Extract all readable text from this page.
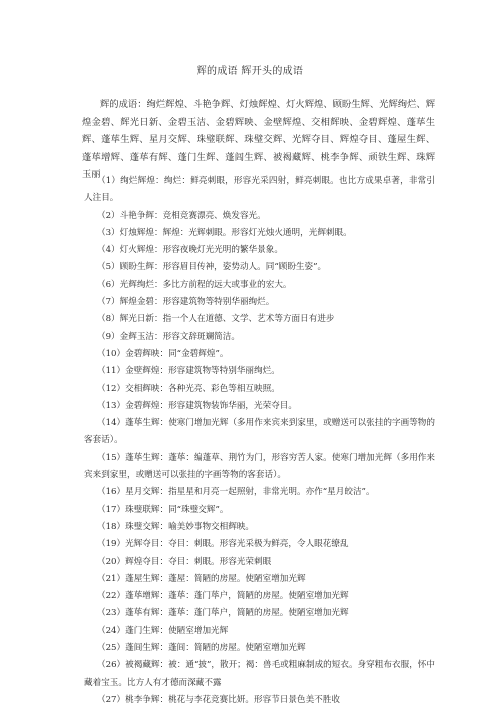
辉的成语 辉开头的成语

辉的成语：绚烂辉煌、斗艳争辉、灯烛辉煌、灯火辉煌、顾盼生辉、光辉绚烂、辉煌金碧、辉光日新、金碧玉洁、金碧辉映、金壁辉煌、交相辉映、金碧辉煌、蓬荜生辉、蓬荜生辉、星月交辉、珠璧联辉、珠璧交辉、光辉夺目、辉煌夺目、蓬屋生辉、蓬荜增辉、蓬荜有辉、蓬门生辉、蓬闾生辉、被褐藏辉、桃李争辉、顽铁生辉、珠辉玉丽

（1）绚烂辉煌：绚烂：鲜亮刺眼，形容光采四射，鲜亮刺眼。也比方成果卓著，非常引人注目。
（2）斗艳争辉：竞相竞赛漂亮、焕发容光。
（3）灯烛辉煌：辉煌：光辉刺眼。形容灯光烛火通明，光辉刺眼。
（4）灯火辉煌：形容夜晚灯光光明的繁华景象。
（5）顾盼生辉：形容眉目传神，姿势动人。同“顾盼生姿”。
（6）光辉绚烂：多比方前程的远大或事业的宏大。
（7）辉煌金碧：形容建筑物等特别华丽绚烂。
（8）辉光日新：指一个人在道德、文学、艺术等方面日有进步
（9）金辉玉洁：形容文辞斑斓简洁。
（10）金碧辉映：同“金碧辉煌”。
（11）金壁辉煌：形容建筑物等特别华丽绚烂。
（12）交相辉映：各种光亮、彩色等相互映照。
（13）金碧辉煌：形容建筑物装饰华丽，光荣夺目。
（14）蓬荜生辉：使寒门增加光辉（多用作来宾来到家里，或赠送可以张挂的字画等物的客套话）。
（15）蓬荜生辉：蓬荜：编蓬草、荆竹为门，形容穷苦人家。使寒门增加光辉（多用作来宾来到家里，或赠送可以张挂的字画等物的客套话）。
（16）星月交辉：指星星和月亮一起照射，非常光明。亦作“星月皎洁”。
（17）珠璧联辉：同“珠璧交辉”。
（18）珠璧交辉：喻美妙事物交相辉映。
（19）光辉夺目：夺目：刺眼。形容光采极为鲜亮，令人眼花缭乱
（20）辉煌夺目：夺目：刺眼。形容光荣刺眼
（21）蓬屋生辉：蓬屋：简陋的房屋。使陋室增加光辉
（22）蓬荜增辉：蓬荜：蓬门荜户，简陋的房屋。使陋室增加光辉
（23）蓬荜有辉：蓬荜：蓬门荜户，简陋的房屋。使陋室增加光辉
（24）蓬门生辉：使陋室增加光辉
（25）蓬闾生辉：蓬闾：简陋的房屋。使陋室增加光辉
（26）被褐藏辉：被：通“披”，散开；褐：兽毛或粗麻制成的短衣。身穿粗布衣服，怀中藏着宝玉。比方人有才德而深藏不露
（27）桃李争辉：桃花与李花竞赛比妍。形容节日景色美不胜收
